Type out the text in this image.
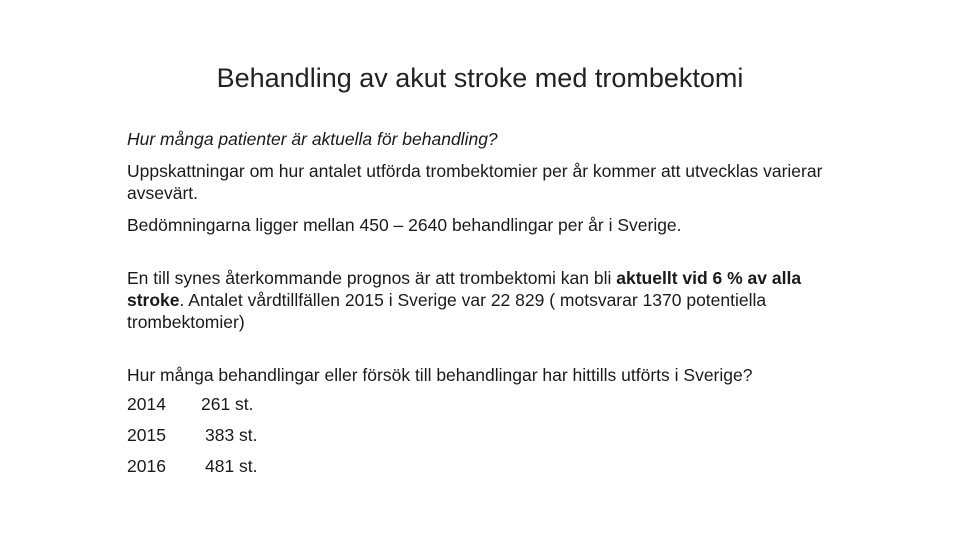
Behandling av akut stroke med trombektomi

Hur många patienter är aktuella för behandling?

Uppskattningar om hur antalet utförda trombektomier per år kommer att utvecklas varierar avsevärt.

Bedömningarna ligger mellan 450 – 2640 behandlingar per år i Sverige.

En till synes återkommande prognos är att trombektomi kan bli aktuellt vid 6 % av alla stroke. Antalet vårdtillfällen 2015 i Sverige var 22 829 ( motsvarar 1370 potentiella trombektomier)

Hur många behandlingar eller försök till behandlingar har hittills utförts i Sverige?

2014	261 st.
2015	383 st.
2016	481 st.
